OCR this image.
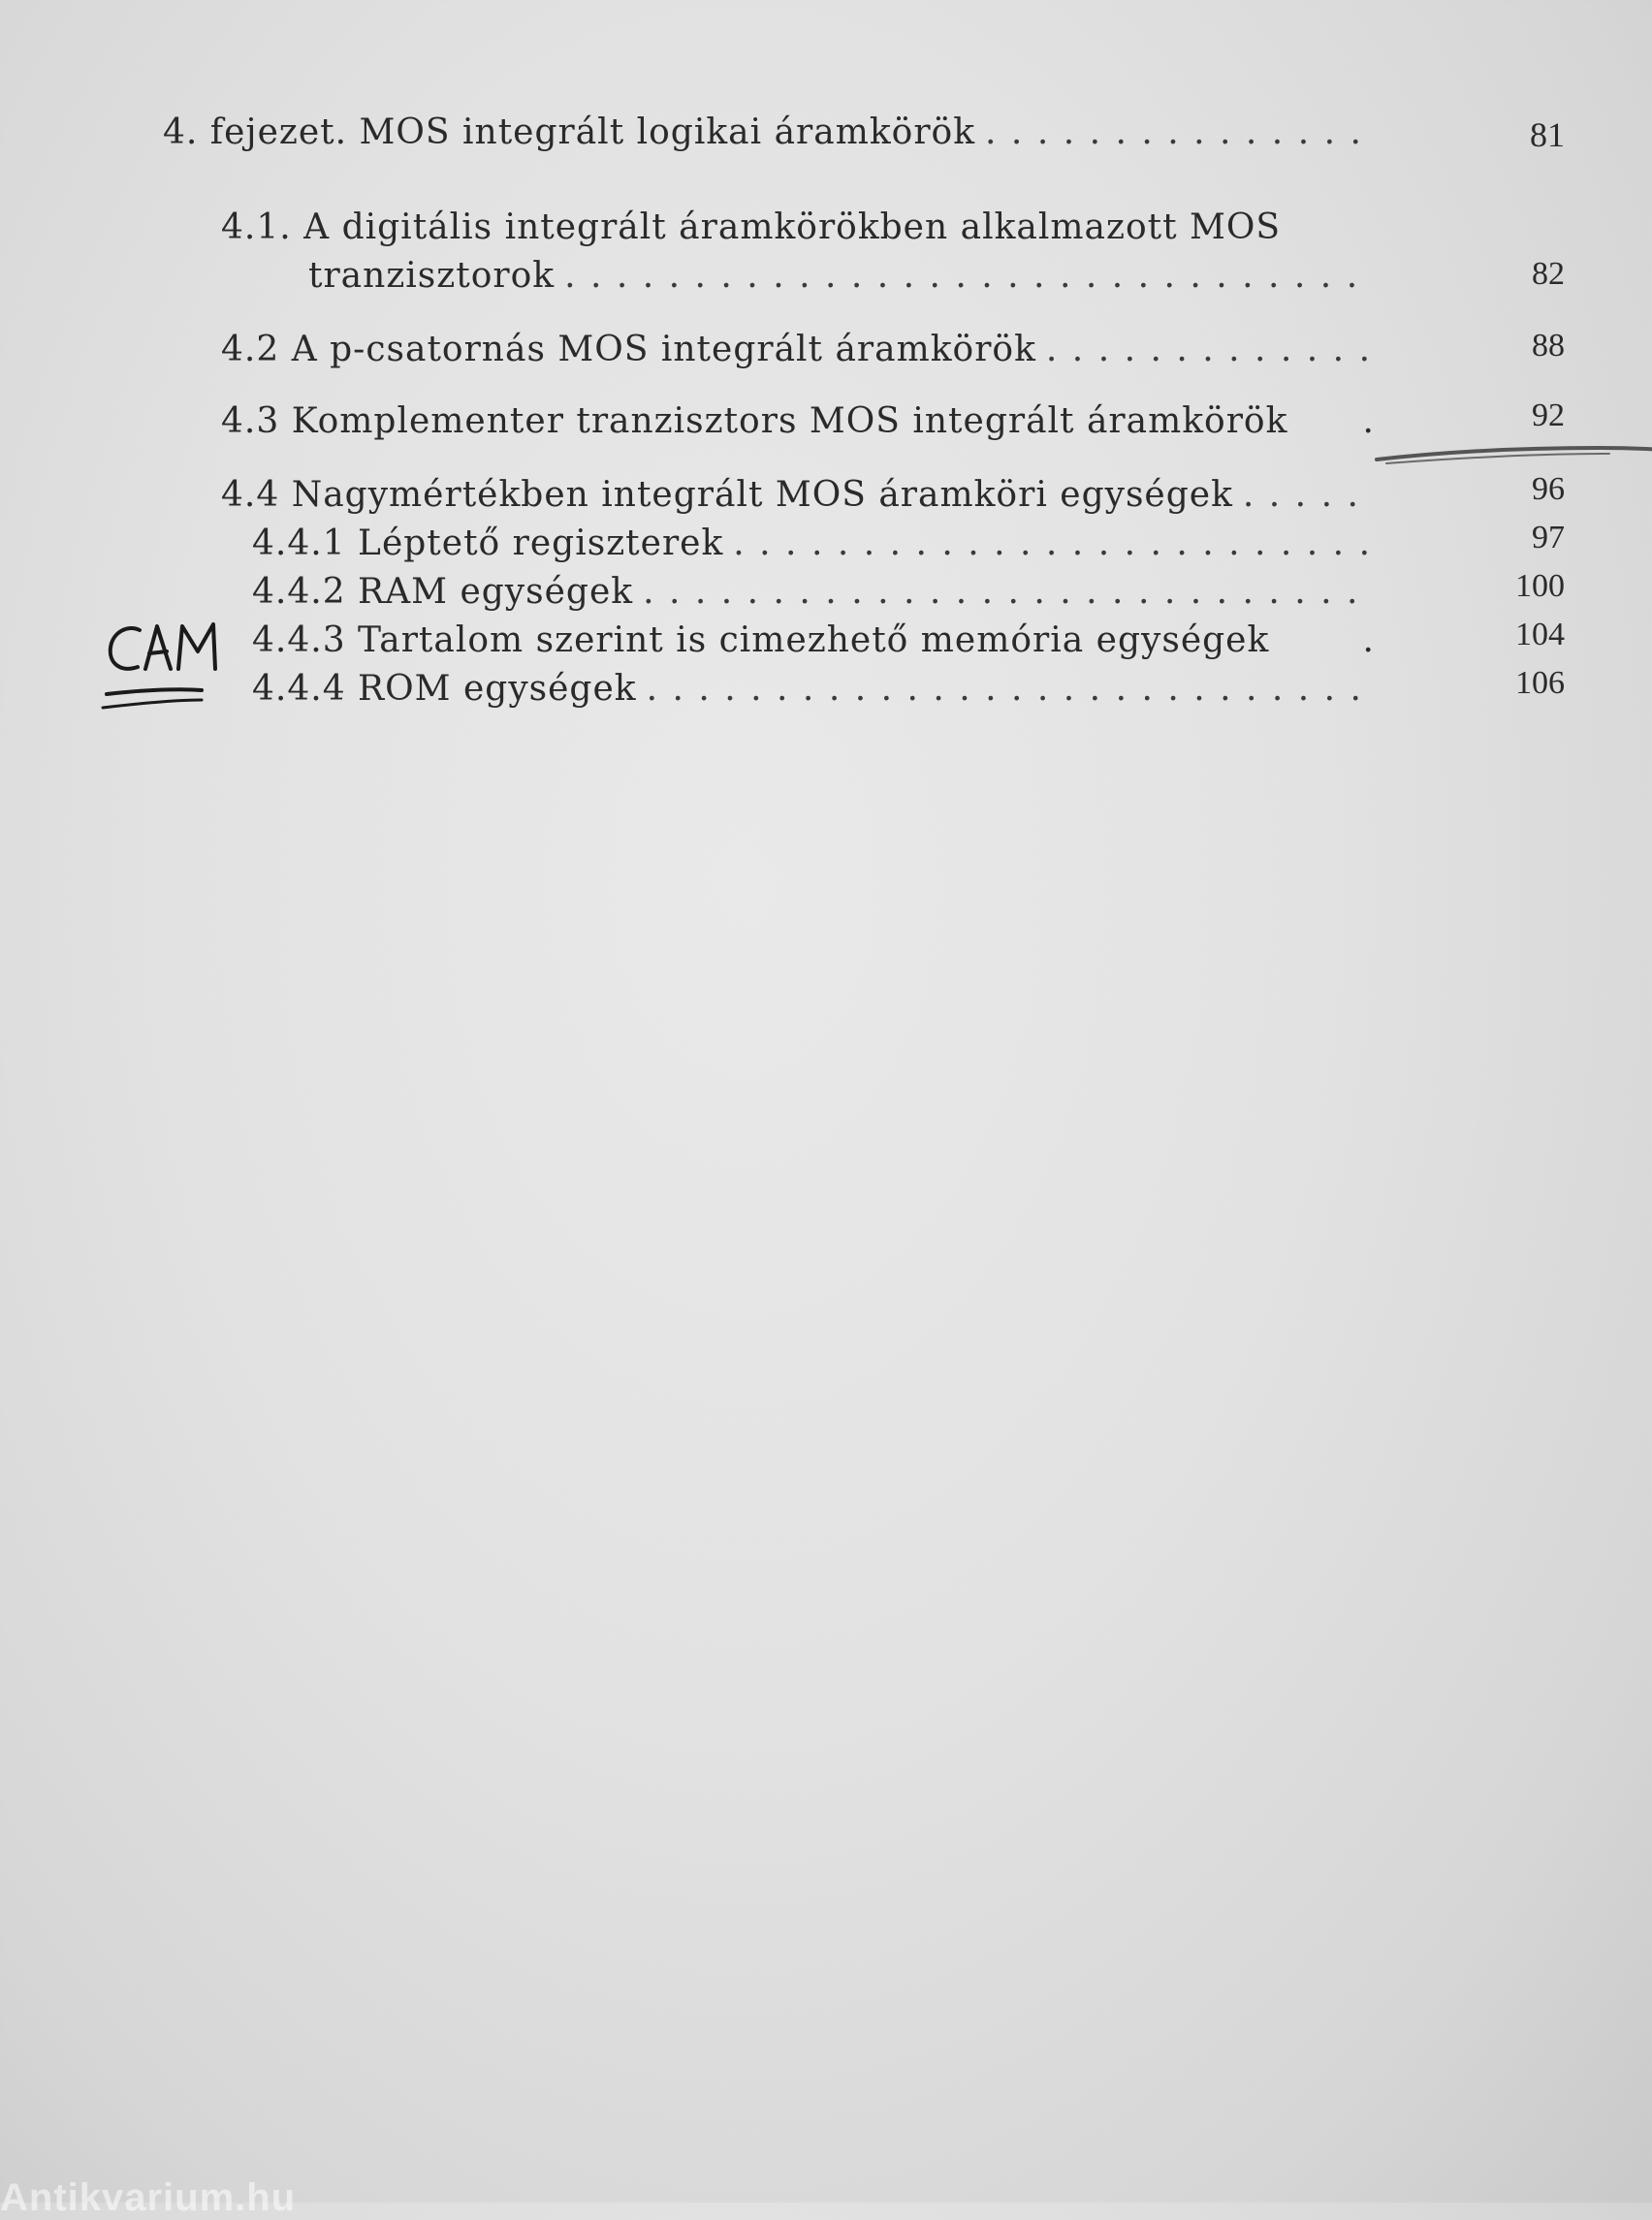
4. fejezet. MOS integrált logikai áramkörök . . .	81
4.1. A digitális integrált áramkörökben alkalmazott MOS
tranzisztorok . . .	82
4.2 A p-csatornás MOS integrált áramkörök . . .	88
4.3 Komplementer tranzisztors MOS integrált áramkörök .	92
4.4 Nagymértékben integrált MOS áramköri egységek . . .	96
4.4.1 Léptető regiszterek . . .	97
4.4.2 RAM egységek . . .	100
4.4.3 Tartalom szerint is cimezhető memória egységek	.	104
4.4.4 ROM egységek . . .	106
Antikvarium.hu
